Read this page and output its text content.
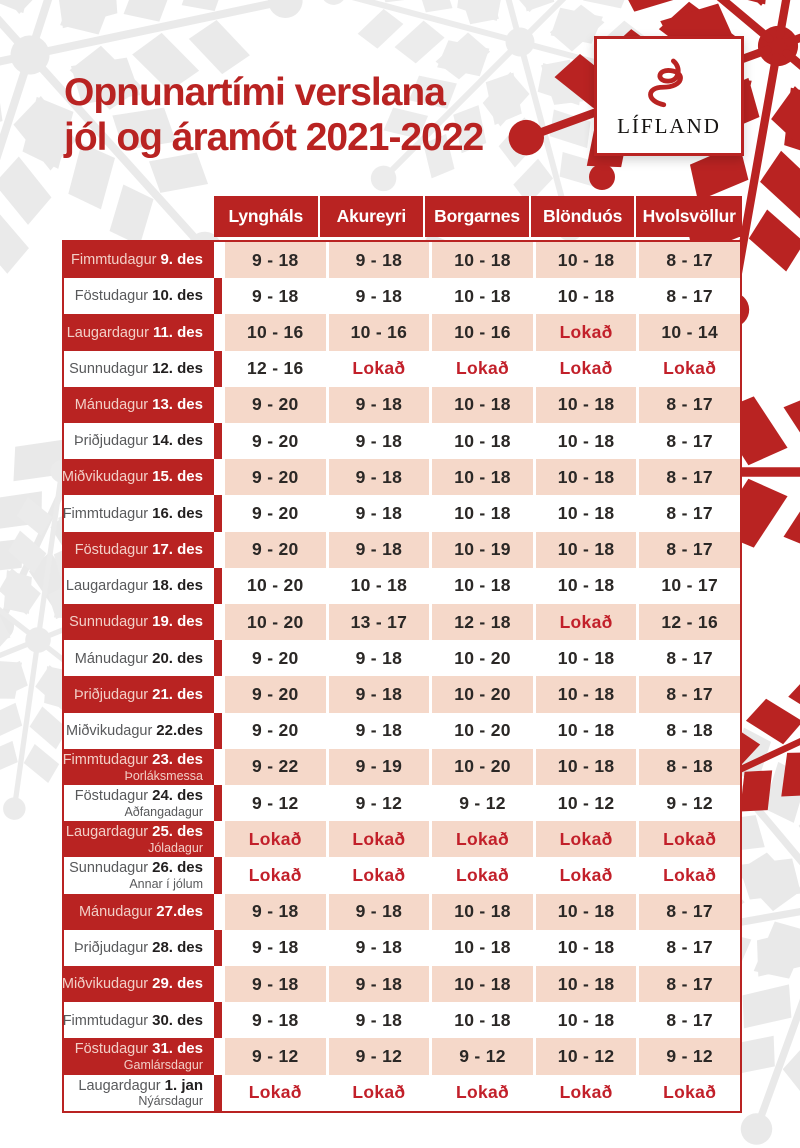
Opnunartími verslana
jól og áramót 2021-2022	LÍFLAND
Lyngháls	Akureyri	Borgarnes	Blönduós	Hvolsvöllur
Fimmtudagur 9. des	9 - 18	9 - 18	10 - 18	10 - 18	8 - 17
Föstudagur 10. des	9 - 18	9 - 18	10 - 18	10 - 18	8 - 17
Laugardagur 11. des	10 - 16	10 - 16	10 - 16	Lokað	10 - 14
Sunnudagur 12. des	12 - 16	Lokað	Lokað	Lokað	Lokað
Mánudagur 13. des	9 - 20	9 - 18	10 - 18	10 - 18	8 - 17
Þriðjudagur 14. des	9 - 20	9 - 18	10 - 18	10 - 18	8 - 17
Miðvikudagur 15. des	9 - 20	9 - 18	10 - 18	10 - 18	8 - 17
Fimmtudagur 16. des	9 - 20	9 - 18	10 - 18	10 - 18	8 - 17
Föstudagur 17. des	9 - 20	9 - 18	10 - 19	10 - 18	8 - 17
Laugardagur 18. des	10 - 20	10 - 18	10 - 18	10 - 18	10 - 17
Sunnudagur 19. des	10 - 20	13 - 17	12 - 18	Lokað	12 - 16
Mánudagur 20. des	9 - 20	9 - 18	10 - 20	10 - 18	8 - 17
Þriðjudagur 21. des	9 - 20	9 - 18	10 - 20	10 - 18	8 - 17
Miðvikudagur 22.des	9 - 20	9 - 18	10 - 20	10 - 18	8 - 18
Fimmtudagur 23. des
Þorláksmessa	9 - 22	9 - 19	10 - 20	10 - 18	8 - 18
Föstudagur 24. des
Aðfangadagur	9 - 12	9 - 12	9 - 12	10 - 12	9 - 12
Laugardagur 25. des
Jóladagur	Lokað	Lokað	Lokað	Lokað	Lokað
Sunnudagur 26. des
Annar í jólum	Lokað	Lokað	Lokað	Lokað	Lokað
Mánudagur 27.des	9 - 18	9 - 18	10 - 18	10 - 18	8 - 17
Þriðjudagur 28. des	9 - 18	9 - 18	10 - 18	10 - 18	8 - 17
Miðvikudagur 29. des	9 - 18	9 - 18	10 - 18	10 - 18	8 - 17
Fimmtudagur 30. des	9 - 18	9 - 18	10 - 18	10 - 18	8 - 17
Föstudagur 31. des
Gamlársdagur	9 - 12	9 - 12	9 - 12	10 - 12	9 - 12
Laugardagur 1. jan
Nýársdagur	Lokað	Lokað	Lokað	Lokað	Lokað
